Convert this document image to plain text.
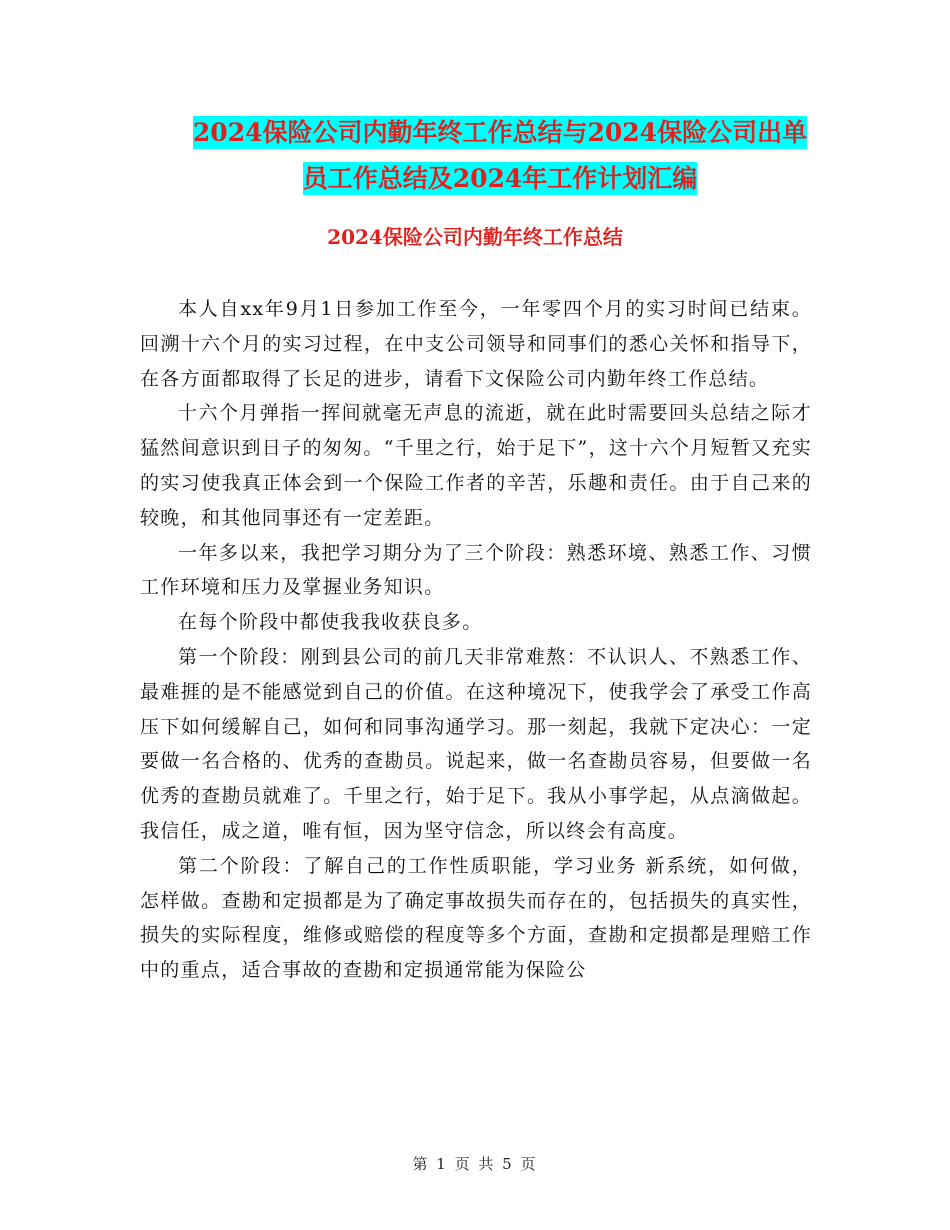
2024保险公司内勤年终工作总结与2024保险公司出单
员工作总结及2024年工作计划汇编
2024保险公司内勤年终工作总结

本人自xx年9月1日参加工作至今，一年零四个月的实习时间已结束。回溯十六个月的实习过程，在中支公司领导和同事们的悉心关怀和指导下，在各方面都取得了长足的进步，请看下文保险公司内勤年终工作总结。

十六个月弹指一挥间就毫无声息的流逝，就在此时需要回头总结之际才猛然间意识到日子的匆匆。“千里之行，始于足下”，这十六个月短暂又充实的实习使我真正体会到一个保险工作者的辛苦，乐趣和责任。由于自己来的较晚，和其他同事还有一定差距。

一年多以来，我把学习期分为了三个阶段：熟悉环境、熟悉工作、习惯工作环境和压力及掌握业务知识。

在每个阶段中都使我我收获良多。

第一个阶段：刚到县公司的前几天非常难熬：不认识人、不熟悉工作、最难捱的是不能感觉到自己的价值。在这种境况下，使我学会了承受工作高压下如何缓解自己，如何和同事沟通学习。那一刻起，我就下定决心：一定要做一名合格的、优秀的查勘员。说起来，做一名查勘员容易，但要做一名优秀的查勘员就难了。千里之行，始于足下。我从小事学起，从点滴做起。我信任，成之道，唯有恒，因为坚守信念，所以终会有高度。

第二个阶段：了解自己的工作性质职能，学习业务 新系统，如何做，怎样做。查勘和定损都是为了确定事故损失而存在的，包括损失的真实性，损失的实际程度，维修或赔偿的程度等多个方面，查勘和定损都是理赔工作中的重点，适合事故的查勘和定损通常能为保险公

第 1 页 共 5 页
